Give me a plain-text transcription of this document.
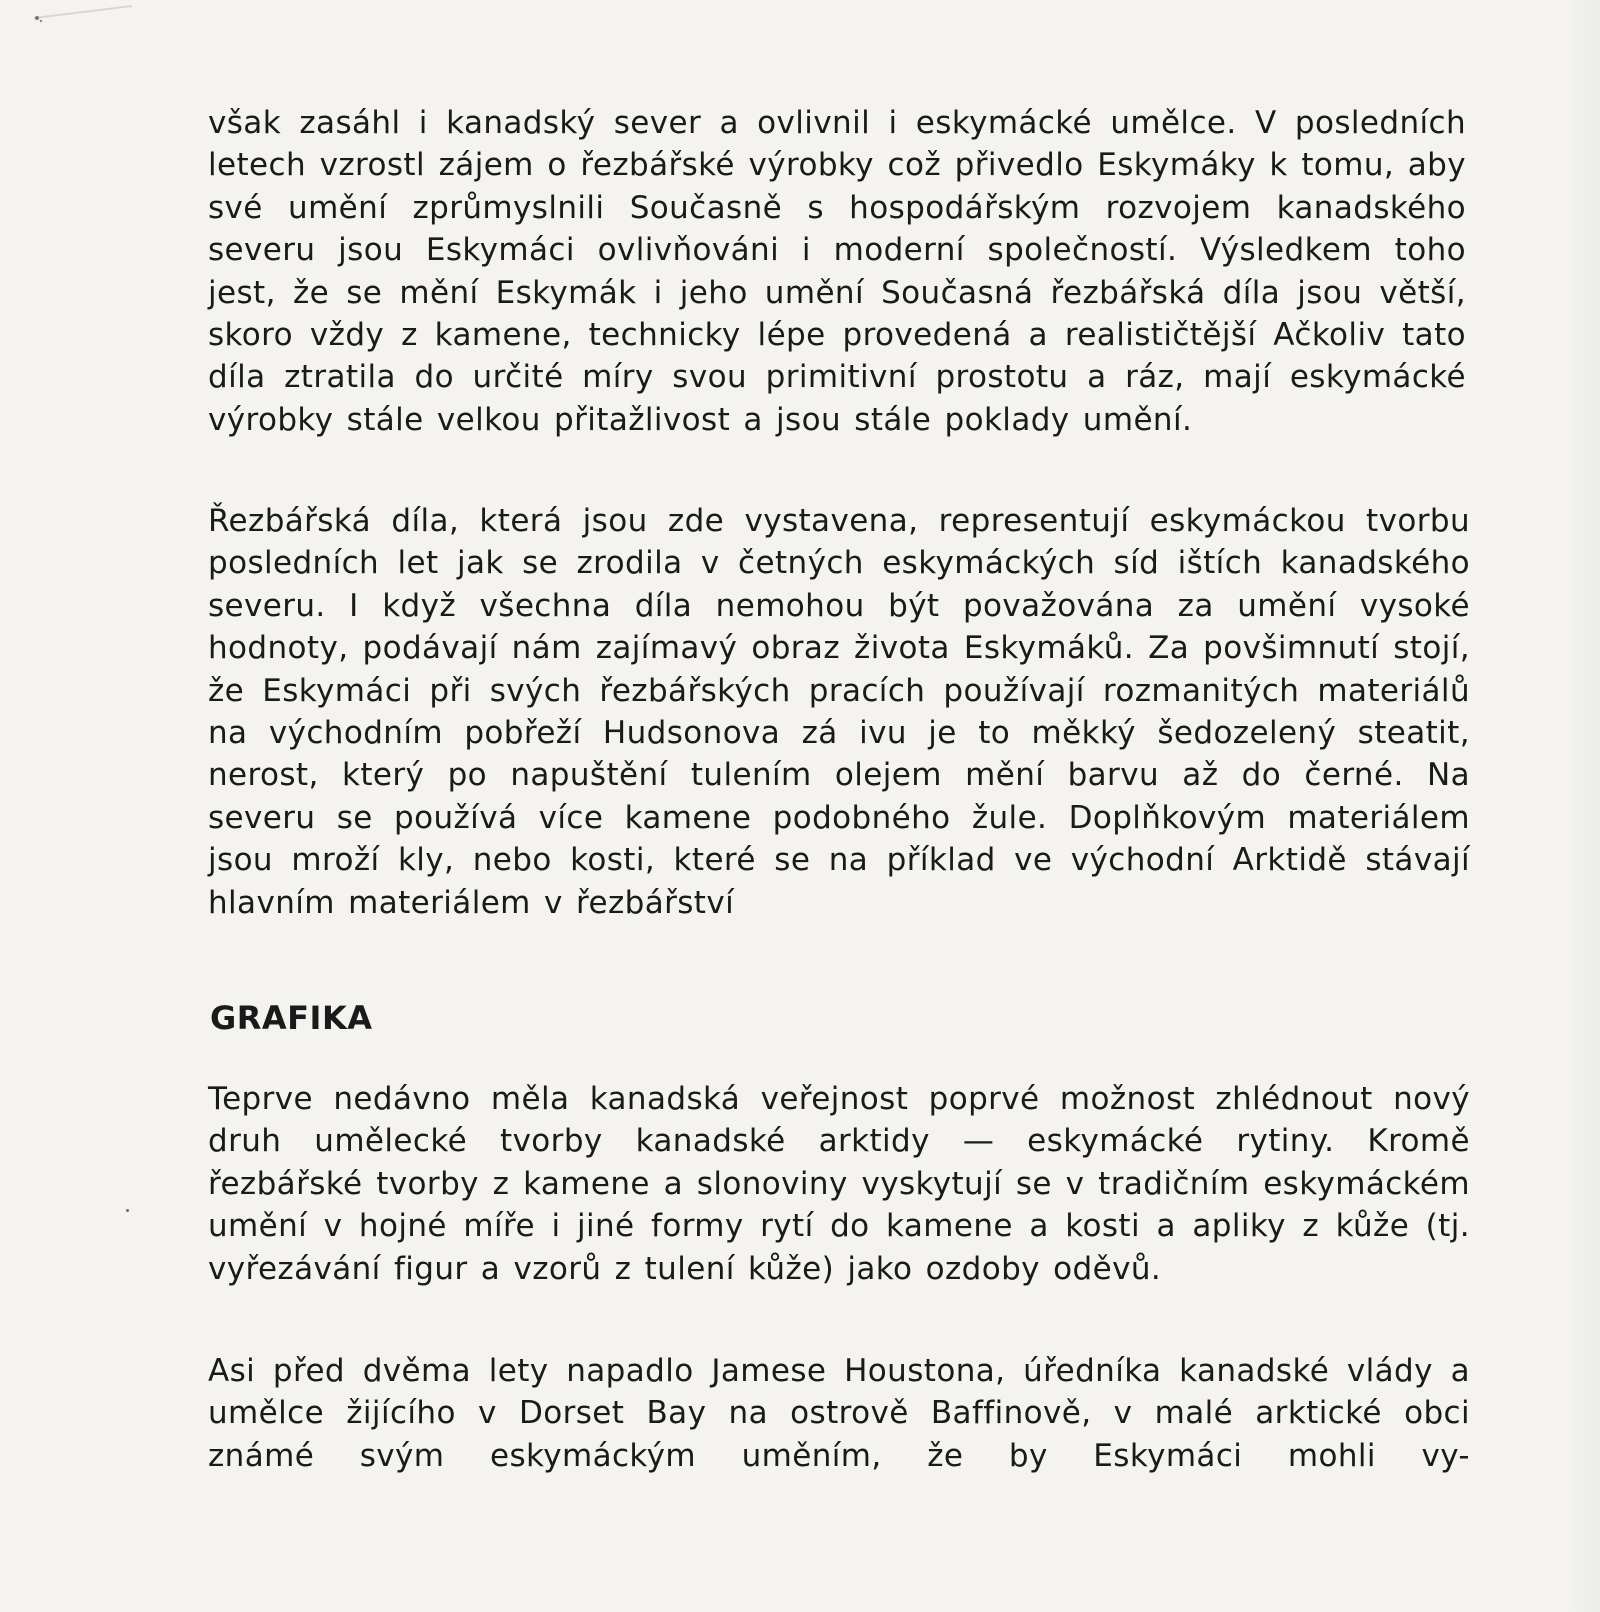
však zasáhl i kanadský sever a ovlivnil i eskymácké umělce. V posledních letech vzrostl zájem o řezbářské výrobky což přivedlo Eskymáky k tomu, aby své umění zprůmyslnili Současně s hospodářským rozvojem kanadského severu jsou Eskymáci ovlivňováni i moderní společností. Výsledkem toho jest, že se mění Eskymák i jeho umění Současná řezbářská díla jsou větší, skoro vždy z kamene, technicky lépe provedená a realističtější Ačkoliv tato díla ztratila do určité míry svou primitivní prostotu a ráz, mají eskymácké výrobky stále velkou přitažlivost a jsou stále poklady umění.

Řezbářská díla, která jsou zde vystavena, representují eskymáckou tvorbu posledních let jak se zrodila v četných eskymáckých síd ištích kanadského severu. I když všechna díla nemohou být považována za umění vysoké hodnoty, podávají nám zajímavý obraz života Eskymáků. Za povšimnutí stojí, že Eskymáci při svých řezbářských pracích používají rozmanitých materiálů na východním pobřeží Hudsonova zá ivu je to měkký šedozelený steatit, nerost, který po napuštění tulením olejem mění barvu až do černé. Na severu se používá více kamene podobného žule. Doplňkovým materiálem jsou mroží kly, nebo kosti, které se na příklad ve východní Arktidě stávají hlavním materiálem v řezbářství

GRAFIKA

Teprve nedávno měla kanadská veřejnost poprvé možnost zhlédnout nový druh umělecké tvorby kanadské arktidy — eskymácké rytiny. Kromě řezbářské tvorby z kamene a slonoviny vyskytují se v tradičním eskymáckém umění v hojné míře i jiné formy rytí do kamene a kosti a apliky z kůže (tj. vyřezávání figur a vzorů z tulení kůže) jako ozdoby oděvů.

Asi před dvěma lety napadlo Jamese Houstona, úředníka kanadské vlády a umělce žijícího v Dorset Bay na ostrově Baffinově, v malé arktické obci známé svým eskymáckým uměním, že by Eskymáci mohli vy-
